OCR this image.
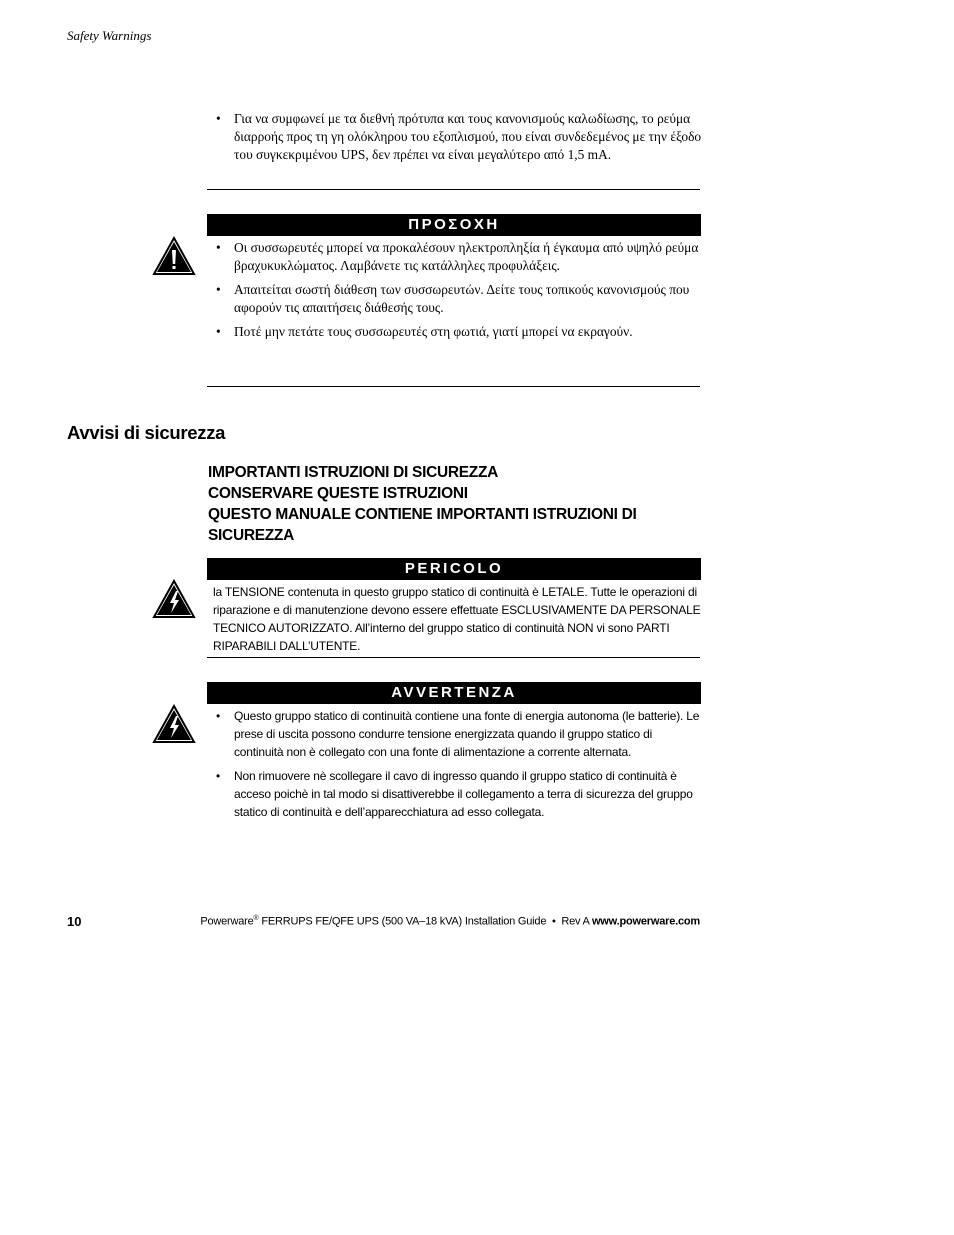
Safety Warnings
• Για να συμφωνεί με τα διεθνή πρότυπα και τους κανονισμούς καλωδίωσης, το ρεύμα διαρροής προς τη γη ολόκληρου του εξοπλισμού, που είναι συνδεδεμένος με την έξοδο του συγκεκριμένου UPS, δεν πρέπει να είναι μεγαλύτερο από 1,5 mA.
ΠΡΟΣΟΧΗ
• Οι συσσωρευτές μπορεί να προκαλέσουν ηλεκτροπληξία ή έγκαυμα από υψηλό ρεύμα βραχυκυκλώματος. Λαμβάνετε τις κατάλληλες προφυλάξεις.
• Απαιτείται σωστή διάθεση των συσσωρευτών. Δείτε τους τοπικούς κανονισμούς που αφορούν τις απαιτήσεις διάθεσής τους.
• Ποτέ μην πετάτε τους συσσωρευτές στη φωτιά, γιατί μπορεί να εκραγούν.
Avvisi di sicurezza
IMPORTANTI ISTRUZIONI DI SICUREZZA
CONSERVARE QUESTE ISTRUZIONI
QUESTO MANUALE CONTIENE IMPORTANTI ISTRUZIONI DI SICUREZZA
PERICOLO
la TENSIONE contenuta in questo gruppo statico di continuità è LETALE. Tutte le operazioni di riparazione e di manutenzione devono essere effettuate ESCLUSIVAMENTE DA PERSONALE TECNICO AUTORIZZATO. All’interno del gruppo statico di continuità NON vi sono PARTI RIPARABILI DALL’UTENTE.
AVVERTENZA
• Questo gruppo statico di continuità contiene una fonte di energia autonoma (le batterie). Le prese di uscita possono condurre tensione energizzata quando il gruppo statico di continuità non è collegato con una fonte di alimentazione a corrente alternata.
• Non rimuovere nè scollegare il cavo di ingresso quando il gruppo statico di continuità è acceso poichè in tal modo si disattiverebbe il collegamento a terra di sicurezza del gruppo statico di continuità e dell’apparecchiatura ad esso collegata.
10	Powerware® FERRUPS FE/QFE UPS (500 VA–18 kVA) Installation Guide  •  Rev A www.powerware.com
